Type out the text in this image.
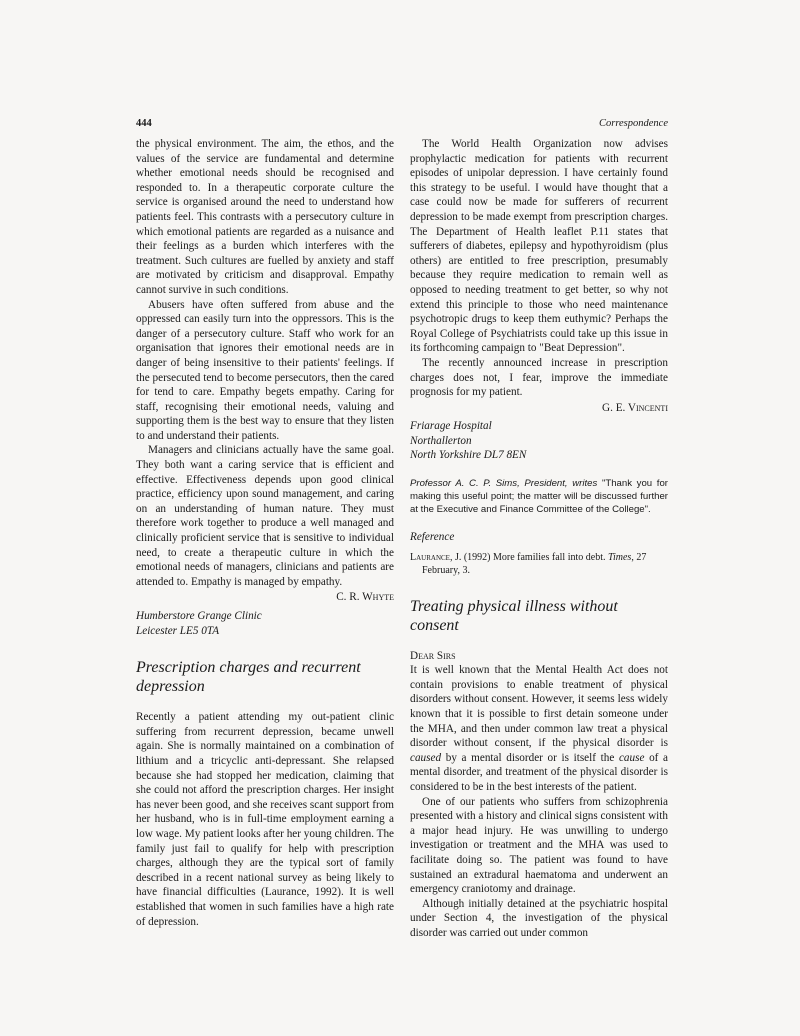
444	Correspondence

the physical environment. The aim, the ethos, and the values of the service are fundamental and determine whether emotional needs should be recognised and responded to. In a therapeutic corporate culture the service is organised around the need to understand how patients feel. This contrasts with a persecutory culture in which emotional patients are regarded as a nuisance and their feelings as a burden which interferes with the treatment. Such cultures are fuelled by anxiety and staff are motivated by criticism and disapproval. Empathy cannot survive in such conditions.

Abusers have often suffered from abuse and the oppressed can easily turn into the oppressors. This is the danger of a persecutory culture. Staff who work for an organisation that ignores their emotional needs are in danger of being insensitive to their patients' feelings. If the persecuted tend to become persecutors, then the cared for tend to care. Empathy begets empathy. Caring for staff, recognising their emotional needs, valuing and supporting them is the best way to ensure that they listen to and understand their patients.

Managers and clinicians actually have the same goal. They both want a caring service that is efficient and effective. Effectiveness depends upon good clinical practice, efficiency upon sound management, and caring on an understanding of human nature. They must therefore work together to produce a well managed and clinically proficient service that is sensitive to individual need, to create a therapeutic culture in which the emotional needs of managers, clinicians and patients are attended to. Empathy is managed by empathy.

C. R. Whyte
Humberstore Grange Clinic
Leicester LE5 0TA
Prescription charges and recurrent depression

Recently a patient attending my out-patient clinic suffering from recurrent depression, became unwell again. She is normally maintained on a combination of lithium and a tricyclic anti-depressant. She relapsed because she had stopped her medication, claiming that she could not afford the prescription charges. Her insight has never been good, and she receives scant support from her husband, who is in full-time employment earning a low wage. My patient looks after her young children. The family just fail to qualify for help with prescription charges, although they are the typical sort of family described in a recent national survey as being likely to have financial difficulties (Laurance, 1992). It is well established that women in such families have a high rate of depression.

The World Health Organization now advises prophylactic medication for patients with recurrent episodes of unipolar depression. I have certainly found this strategy to be useful. I would have thought that a case could now be made for sufferers of recurrent depression to be made exempt from prescription charges. The Department of Health leaflet P.11 states that sufferers of diabetes, epilepsy and hypothyroidism (plus others) are entitled to free prescription, presumably because they require medication to remain well as opposed to needing treatment to get better, so why not extend this principle to those who need maintenance psychotropic drugs to keep them euthymic? Perhaps the Royal College of Psychiatrists could take up this issue in its forthcoming campaign to "Beat Depression".

The recently announced increase in prescription charges does not, I fear, improve the immediate prognosis for my patient.

G. E. Vincenti
Friarage Hospital
Northallerton
North Yorkshire DL7 8EN
Professor A. C. P. Sims, President, writes "Thank you for making this useful point; the matter will be discussed further at the Executive and Finance Committee of the College".
Reference
Laurance, J. (1992) More families fall into debt. Times, 27 February, 3.
Treating physical illness without consent
Dear Sirs

It is well known that the Mental Health Act does not contain provisions to enable treatment of physical disorders without consent. However, it seems less widely known that it is possible to first detain someone under the MHA, and then under common law treat a physical disorder without consent, if the physical disorder is caused by a mental disorder or is itself the cause of a mental disorder, and treatment of the physical disorder is considered to be in the best interests of the patient.

One of our patients who suffers from schizophrenia presented with a history and clinical signs consistent with a major head injury. He was unwilling to undergo investigation or treatment and the MHA was used to facilitate doing so. The patient was found to have sustained an extradural haematoma and underwent an emergency craniotomy and drainage.

Although initially detained at the psychiatric hospital under Section 4, the investigation of the physical disorder was carried out under common
